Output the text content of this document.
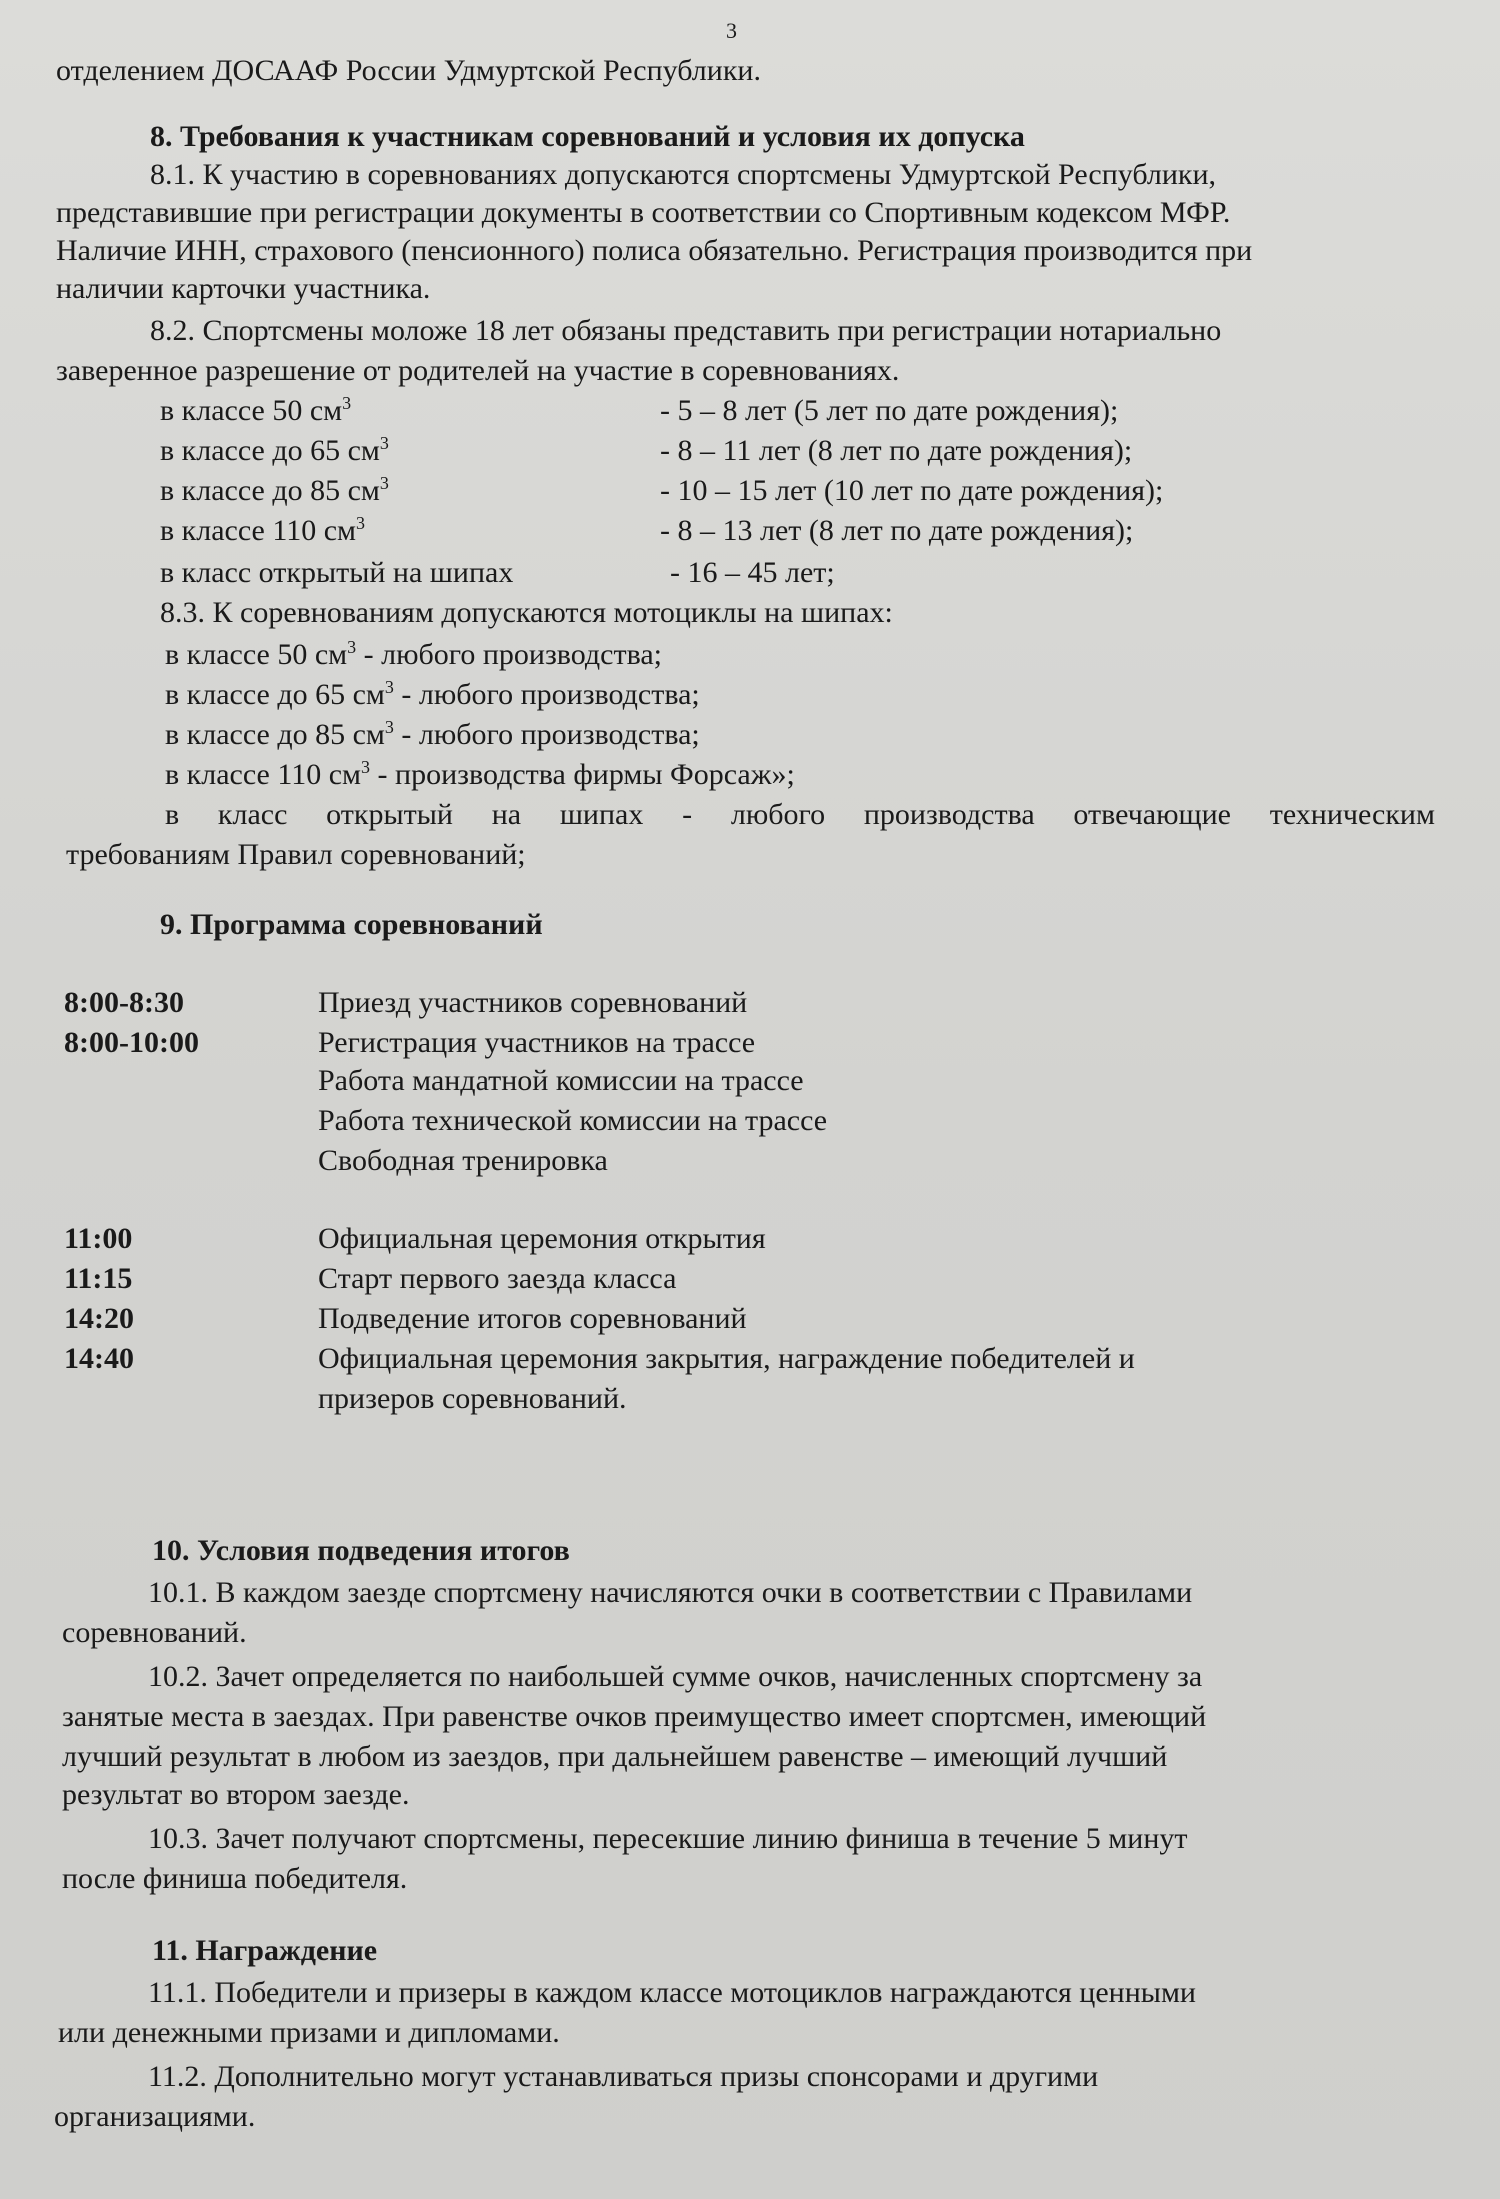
3
отделением ДОСААФ России Удмуртской Республики.
8. Требования к участникам соревнований и условия их допуска
8.1. К участию в соревнованиях допускаются спортсмены Удмуртской Республики,
представившие при регистрации документы в соответствии со Спортивным кодексом МФР.
Наличие ИНН, страхового (пенсионного) полиса обязательно. Регистрация производится при
наличии карточки участника.
8.2. Спортсмены моложе 18 лет обязаны представить при регистрации нотариально
заверенное разрешение от родителей на участие в соревнованиях.
в классе 50 $см^3$	- 5 – 8 лет (5 лет по дате рождения);
в классе до 65 $см^3$	- 8 – 11 лет (8 лет по дате рождения);
в классе до 85 $см^3$	- 10 – 15 лет (10 лет по дате рождения);
в классе 110 $см^3$	- 8 – 13 лет (8 лет по дате рождения);
в класс открытый на шипах	- 16 – 45 лет;
8.3. К соревнованиям допускаются мотоциклы на шипах:
в классе 50 $см^3$ - любого производства;
в классе до 65 $см^3$ - любого производства;
в классе до 85 $см^3$ - любого производства;
в классе 110 $см^3$ - производства фирмы Форсаж»;
в класс открытый на шипах - любого производства отвечающие техническим
требованиям Правил соревнований;
9. Программа соревнований
8:00-8:30	Приезд участников соревнований
8:00-10:00	Регистрация участников на трассе
Работа мандатной комиссии на трассе
Работа технической комиссии на трассе
Свободная тренировка
11:00	Официальная церемония открытия
11:15	Старт первого заезда класса
14:20	Подведение итогов соревнований
14:40	Официальная церемония закрытия, награждение победителей и
призеров соревнований.
10. Условия подведения итогов
10.1. В каждом заезде спортсмену начисляются очки в соответствии с Правилами
соревнований.
10.2. Зачет определяется по наибольшей сумме очков, начисленных спортсмену за
занятые места в заездах. При равенстве очков преимущество имеет спортсмен, имеющий
лучший результат в любом из заездов, при дальнейшем равенстве – имеющий лучший
результат во втором заезде.
10.3. Зачет получают спортсмены, пересекшие линию финиша в течение 5 минут
после финиша победителя.
11. Награждение
11.1. Победители и призеры в каждом классе мотоциклов награждаются ценными
или денежными призами и дипломами.
11.2. Дополнительно могут устанавливаться призы спонсорами и другими
организациями.
